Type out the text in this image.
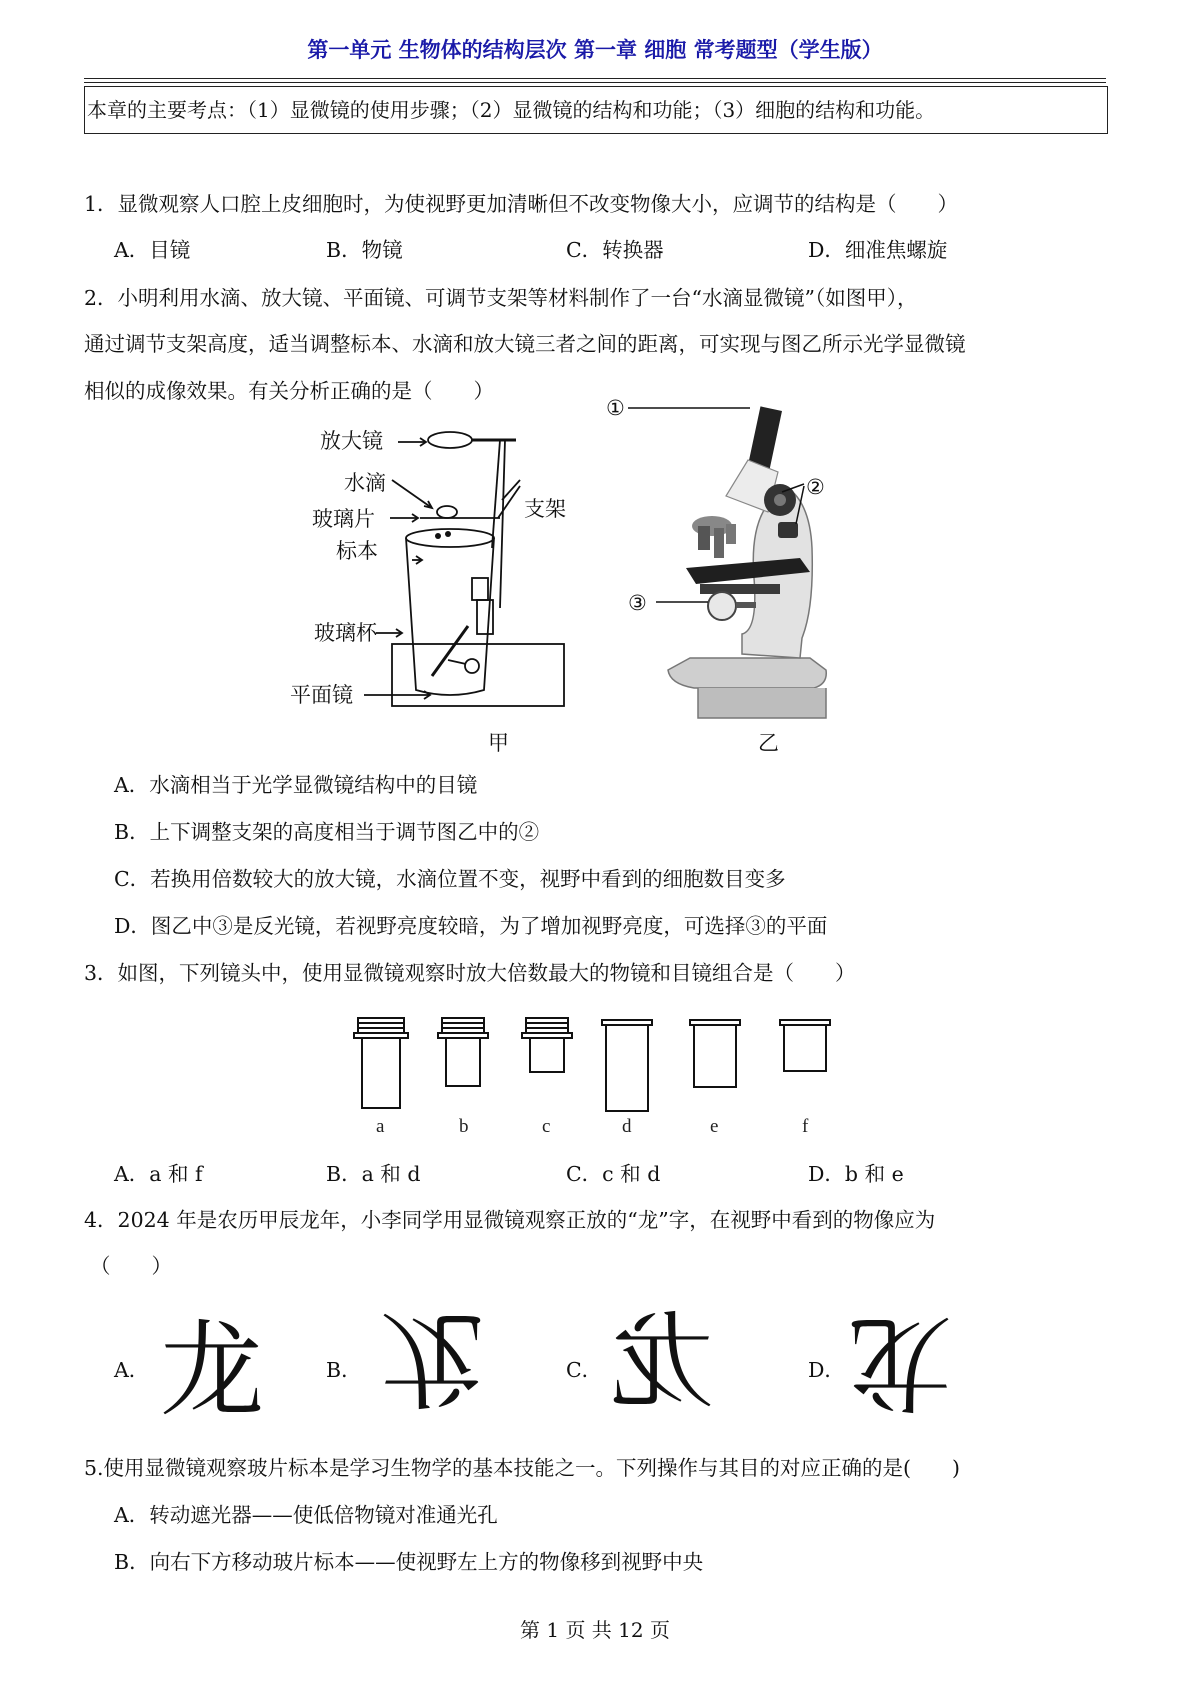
第一单元 生物体的结构层次 第一章 细胞 常考题型（学生版）
本章的主要考点：（1）显微镜的使用步骤；（2）显微镜的结构和功能；（3）细胞的结构和功能。
1．显微观察人口腔上皮细胞时，为使视野更加清晰但不改变物像大小，应调节的结构是（　　）
A．目镜	B．物镜	C．转换器	D．细准焦螺旋
2．小明利用水滴、放大镜、平面镜、可调节支架等材料制作了一台“水滴显微镜”（如图甲），
通过调节支架高度，适当调整标本、水滴和放大镜三者之间的距离，可实现与图乙所示光学显微镜
相似的成像效果。有关分析正确的是（　　）
放大镜
水滴
玻璃片
标本
玻璃杯
平面镜
支架
甲
①
②
③
乙
A．水滴相当于光学显微镜结构中的目镜
B．上下调整支架的高度相当于调节图乙中的②
C．若换用倍数较大的放大镜，水滴位置不变，视野中看到的细胞数目变多
D．图乙中③是反光镜，若视野亮度较暗，为了增加视野亮度，可选择③的平面
3．如图，下列镜头中，使用显微镜观察时放大倍数最大的物镜和目镜组合是（　　）
a	b	c	d	e	f
A．a 和 f	B．a 和 d	C．c 和 d	D．b 和 e
4．2024 年是农历甲辰龙年，小李同学用显微镜观察正放的“龙”字，在视野中看到的物像应为
（　　）
A． 龙	B． 龙	C． 龙	D． 龙
5.使用显微镜观察玻片标本是学习生物学的基本技能之一。下列操作与其目的对应正确的是(　　)
A．转动遮光器——使低倍物镜对准通光孔
B．向右下方移动玻片标本——使视野左上方的物像移到视野中央
第 1 页 共 12 页
